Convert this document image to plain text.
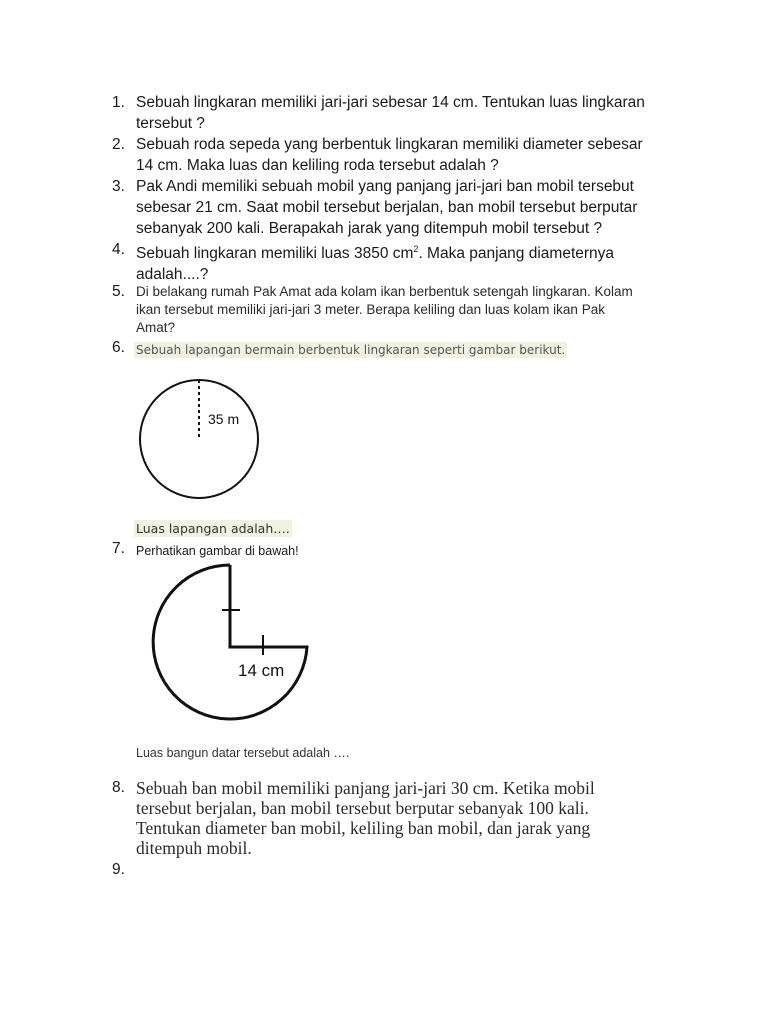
1. Sebuah lingkaran memiliki jari-jari sebesar 14 cm. Tentukan luas lingkaran
tersebut ?
2. Sebuah roda sepeda yang berbentuk lingkaran memiliki diameter sebesar
14 cm. Maka luas dan keliling roda tersebut adalah ?
3. Pak Andi memiliki sebuah mobil yang panjang jari-jari ban mobil tersebut
sebesar 21 cm. Saat mobil tersebut berjalan, ban mobil tersebut berputar
sebanyak 200 kali. Berapakah jarak yang ditempuh mobil tersebut ?
4. Sebuah lingkaran memiliki luas 3850 $cm^2$. Maka panjang diameternya
adalah....?
5. Di belakang rumah Pak Amat ada kolam ikan berbentuk setengah lingkaran. Kolam
ikan tersebut memiliki jari-jari 3 meter. Berapa keliling dan luas kolam ikan Pak
Amat?
6. Sebuah lapangan bermain berbentuk lingkaran seperti gambar berikut.
35 m
Luas lapangan adalah….
7. Perhatikan gambar di bawah!
14 cm
Luas bangun datar tersebut adalah ….
8. Sebuah ban mobil memiliki panjang jari-jari 30 cm. Ketika mobil
tersebut berjalan, ban mobil tersebut berputar sebanyak 100 kali.
Tentukan diameter ban mobil, keliling ban mobil, dan jarak yang
ditempuh mobil.
9.
